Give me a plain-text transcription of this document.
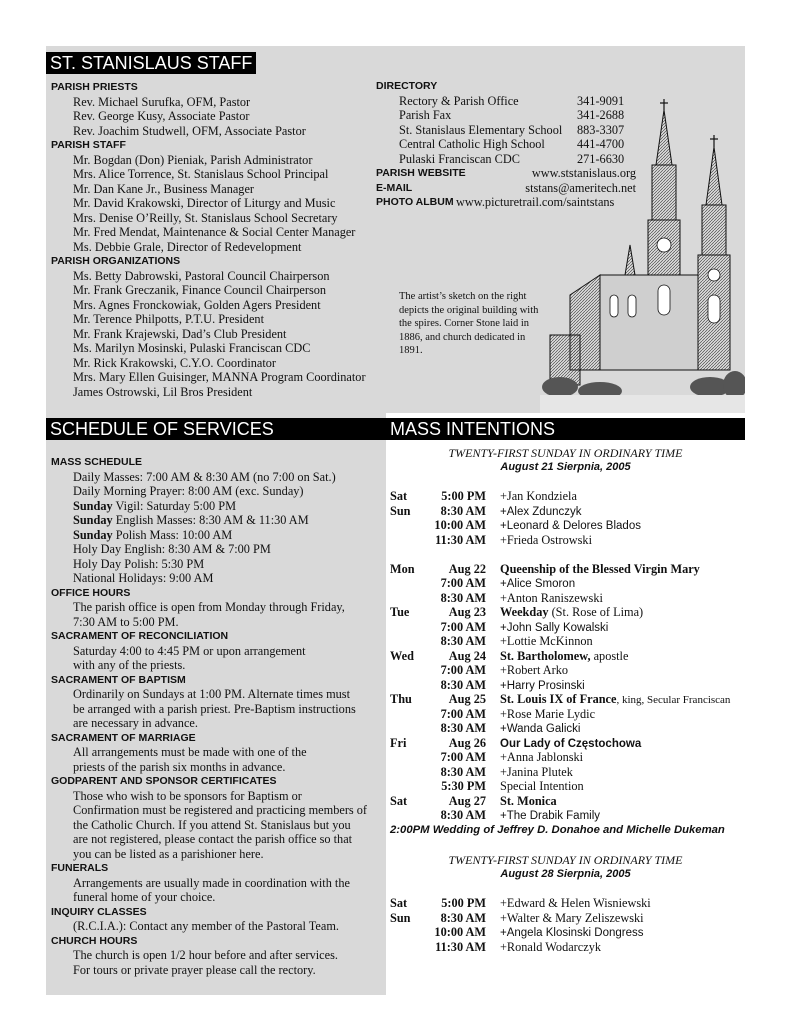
ST. STANISLAUS STAFF
SCHEDULE OF SERVICES	MASS INTENTIONS
PARISH PRIESTS
Rev. Michael Surufka, OFM, Pastor
Rev. George Kusy, Associate Pastor
Rev. Joachim Studwell, OFM, Associate Pastor
PARISH STAFF
Mr. Bogdan (Don) Pieniak, Parish Administrator
Mrs. Alice Torrence, St. Stanislaus School Principal
Mr. Dan Kane Jr., Business Manager
Mr. David Krakowski, Director of Liturgy and Music
Mrs. Denise O’Reilly, St. Stanislaus School Secretary
Mr. Fred Mendat, Maintenance & Social Center Manager
Ms. Debbie Grale, Director of Redevelopment
PARISH ORGANIZATIONS
Ms. Betty Dabrowski, Pastoral Council Chairperson
Mr. Frank Greczanik, Finance Council Chairperson
Mrs. Agnes Fronckowiak, Golden Agers President
Mr. Terence Philpotts, P.T.U. President
Mr. Frank Krajewski, Dad’s Club President
Ms. Marilyn Mosinski, Pulaski Franciscan CDC
Mr. Rick Krakowski, C.Y.O. Coordinator
Mrs. Mary Ellen Guisinger, MANNA Program Coordinator
James Ostrowski, Lil Bros President
DIRECTORY
Rectory & Parish Office	341-9091
Parish Fax	341-2688
St. Stanislaus Elementary School	883-3307
Central Catholic High School	441-4700
Pulaski Franciscan CDC	271-6630
PARISH WEBSITE	www.ststanislaus.org
E-MAIL	ststans@ameritech.net
PHOTO ALBUM www.picturetrail.com/saintstans
The artist’s sketch on the right depicts the original building with the spires. Corner Stone laid in 1886, and church dedicated in 1891.
MASS SCHEDULE
Daily Masses: 7:00 AM & 8:30 AM (no 7:00 on Sat.)
Daily Morning Prayer: 8:00 AM (exc. Sunday)
Sunday Vigil: Saturday 5:00 PM
Sunday English Masses: 8:30 AM & 11:30 AM
Sunday Polish Mass: 10:00 AM
Holy Day English: 8:30 AM & 7:00 PM
Holy Day Polish: 5:30 PM
National Holidays: 9:00 AM
OFFICE HOURS
The parish office is open from Monday through Friday,
7:30 AM to 5:00 PM.
SACRAMENT OF RECONCILIATION
Saturday 4:00 to 4:45 PM or upon arrangement
with any of the priests.
SACRAMENT OF BAPTISM
Ordinarily on Sundays at 1:00 PM. Alternate times must
be arranged with a parish priest. Pre-Baptism instructions
are necessary in advance.
SACRAMENT OF MARRIAGE
All arrangements must be made with one of the
priests of the parish six months in advance.
GODPARENT AND SPONSOR CERTIFICATES
Those who wish to be sponsors for Baptism or
Confirmation must be registered and practicing members of
the Catholic Church. If you attend St. Stanislaus but you
are not registered, please contact the parish office so that
you can be listed as a parishioner here.
FUNERALS
Arrangements are usually made in coordination with the
funeral home of your choice.
INQUIRY CLASSES
(R.C.I.A.): Contact any member of the Pastoral Team.
CHURCH HOURS
The church is open 1/2 hour before and after services.
For tours or private prayer please call the rectory.
TWENTY-FIRST SUNDAY IN ORDINARY TIME
August 21 Sierpnia, 2005
Sat	5:00 PM +Jan Kondziela
Sun	8:30 AM +Alex Zdunczyk
10:00 AM +Leonard & Delores Blados
11:30 AM +Frieda Ostrowski
Mon	Aug 22 Queenship of the Blessed Virgin Mary
7:00 AM +Alice Smoron
8:30 AM +Anton Raniszewski
Tue	Aug 23 Weekday (St. Rose of Lima)
7:00 AM +John Sally Kowalski
8:30 AM +Lottie McKinnon
Wed	Aug 24 St. Bartholomew, apostle
7:00 AM +Robert Arko
8:30 AM +Harry Prosinski
Thu	Aug 25 St. Louis IX of France, king, Secular Franciscan
7:00 AM +Rose Marie Lydic
8:30 AM +Wanda Galicki
Fri	Aug 26 Our Lady of Częstochowa
7:00 AM +Anna Jablonski
8:30 AM +Janina Plutek
5:30 PM Special Intention
Sat	Aug 27 St. Monica
8:30 AM +The Drabik Family
2:00PM Wedding of Jeffrey D. Donahoe and Michelle Dukeman
TWENTY-FIRST SUNDAY IN ORDINARY TIME
August 28 Sierpnia, 2005
Sat	5:00 PM +Edward & Helen Wisniewski
Sun	8:30 AM +Walter & Mary Zeliszewski
10:00 AM +Angela Klosinski Dongress
11:30 AM +Ronald Wodarczyk
